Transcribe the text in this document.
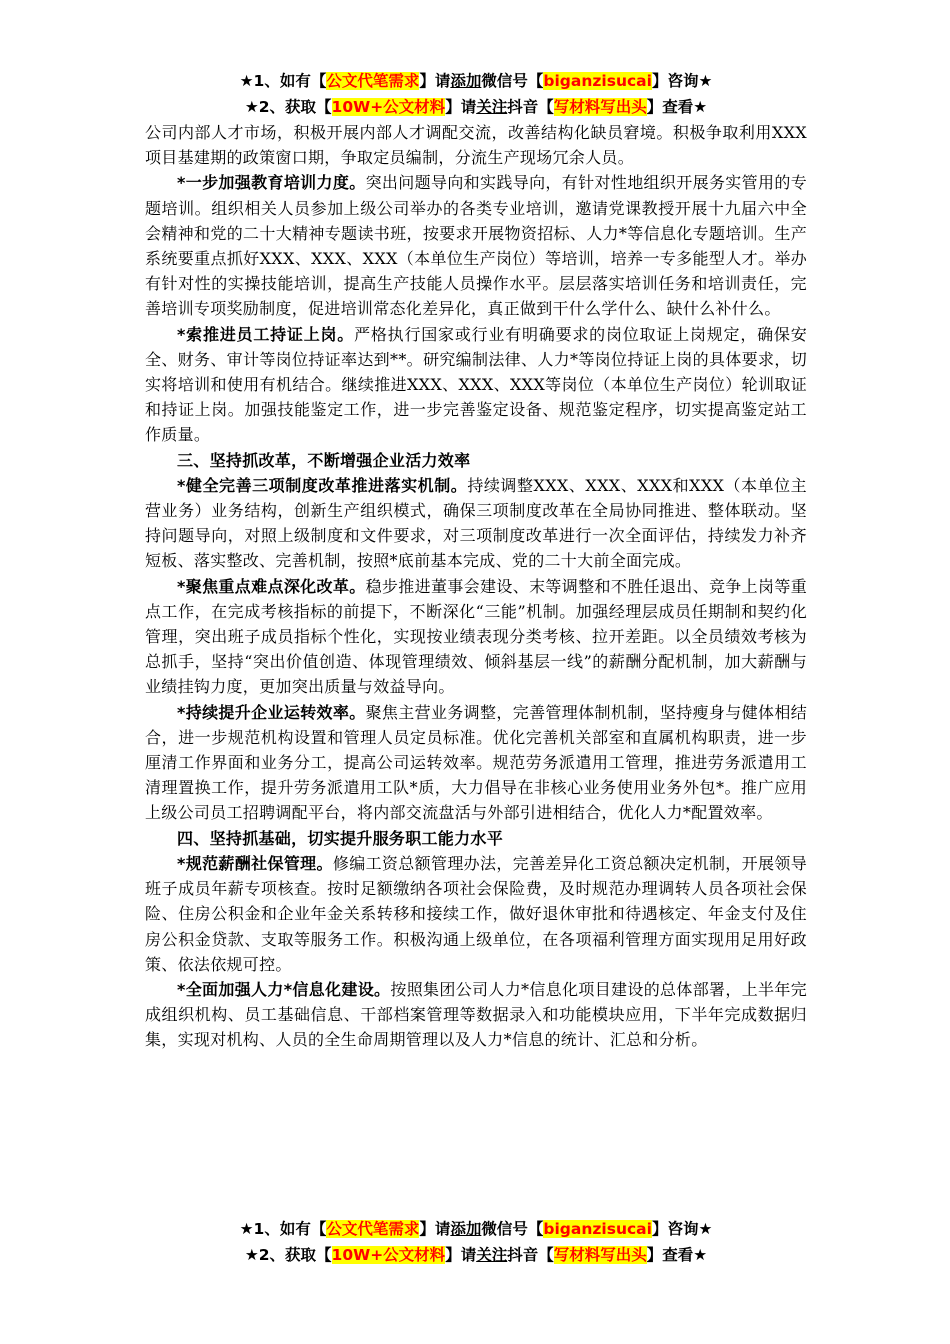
★1、如有【公文代笔需求】请添加微信号【biganzisucai】咨询★
★2、获取【10W+公文材料】请关注抖音【写材料写出头】查看★

公司内部人才市场，积极开展内部人才调配交流，改善结构化缺员窘境。积极争取利用XXX项目基建期的政策窗口期，争取定员编制，分流生产现场冗余人员。

*一步加强教育培训力度。突出问题导向和实践导向，有针对性地组织开展务实管用的专题培训。组织相关人员参加上级公司举办的各类专业培训，邀请党课教授开展十九届六中全会精神和党的二十大精神专题读书班，按要求开展物资招标、人力*等信息化专题培训。生产系统要重点抓好XXX、XXX、XXX（本单位生产岗位）等培训，培养一专多能型人才。举办有针对性的实操技能培训，提高生产技能人员操作水平。层层落实培训任务和培训责任，完善培训专项奖励制度，促进培训常态化差异化，真正做到干什么学什么、缺什么补什么。

*索推进员工持证上岗。严格执行国家或行业有明确要求的岗位取证上岗规定，确保安全、财务、审计等岗位持证率达到**。研究编制法律、人力*等岗位持证上岗的具体要求，切实将培训和使用有机结合。继续推进XXX、XXX、XXX等岗位（本单位生产岗位）轮训取证和持证上岗。加强技能鉴定工作，进一步完善鉴定设备、规范鉴定程序，切实提高鉴定站工作质量。

三、坚持抓改革，不断增强企业活力效率

*健全完善三项制度改革推进落实机制。持续调整XXX、XXX、XXX和XXX（本单位主营业务）业务结构，创新生产组织模式，确保三项制度改革在全局协同推进、整体联动。坚持问题导向，对照上级制度和文件要求，对三项制度改革进行一次全面评估，持续发力补齐短板、落实整改、完善机制，按照*底前基本完成、党的二十大前全面完成。

*聚焦重点难点深化改革。稳步推进董事会建设、末等调整和不胜任退出、竞争上岗等重点工作，在完成考核指标的前提下，不断深化“三能”机制。加强经理层成员任期制和契约化管理，突出班子成员指标个性化，实现按业绩表现分类考核、拉开差距。以全员绩效考核为总抓手，坚持“突出价值创造、体现管理绩效、倾斜基层一线”的薪酬分配机制，加大薪酬与业绩挂钩力度，更加突出质量与效益导向。

*持续提升企业运转效率。聚焦主营业务调整，完善管理体制机制，坚持瘦身与健体相结合，进一步规范机构设置和管理人员定员标准。优化完善机关部室和直属机构职责，进一步厘清工作界面和业务分工，提高公司运转效率。规范劳务派遣用工管理，推进劳务派遣用工清理置换工作，提升劳务派遣用工队*质，大力倡导在非核心业务使用业务外包*。推广应用上级公司员工招聘调配平台，将内部交流盘活与外部引进相结合，优化人力*配置效率。

四、坚持抓基础，切实提升服务职工能力水平

*规范薪酬社保管理。修编工资总额管理办法，完善差异化工资总额决定机制，开展领导班子成员年薪专项核查。按时足额缴纳各项社会保险费，及时规范办理调转人员各项社会保险、住房公积金和企业年金关系转移和接续工作，做好退休审批和待遇核定、年金支付及住房公积金贷款、支取等服务工作。积极沟通上级单位，在各项福利管理方面实现用足用好政策、依法依规可控。

*全面加强人力*信息化建设。按照集团公司人力*信息化项目建设的总体部署，上半年完成组织机构、员工基础信息、干部档案管理等数据录入和功能模块应用，下半年完成数据归集，实现对机构、人员的全生命周期管理以及人力*信息的统计、汇总和分析。

★1、如有【公文代笔需求】请添加微信号【biganzisucai】咨询★
★2、获取【10W+公文材料】请关注抖音【写材料写出头】查看★
